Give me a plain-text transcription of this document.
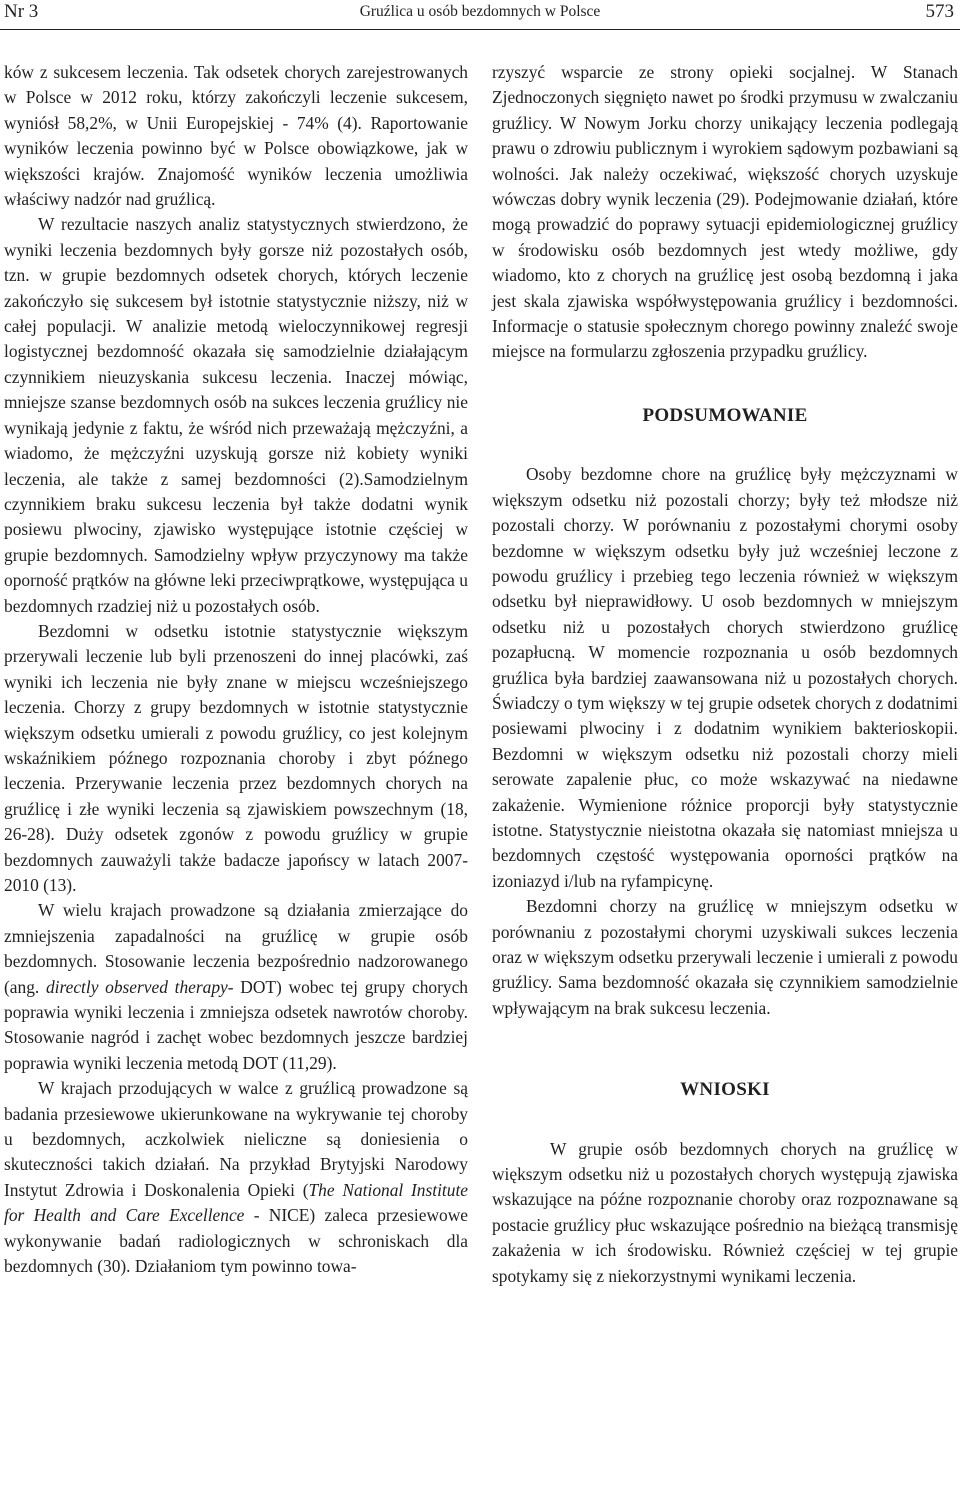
Gruźlica u osób bezdomnych w Polsce
Nr 3	573

ków z sukcesem leczenia. Tak odsetek chorych zarejestrowanych w Polsce w 2012 roku, którzy zakończyli leczenie sukcesem, wyniósł 58,2%, w Unii Europejskiej - 74% (4). Raportowanie wyników leczenia powinno być w Polsce obowiązkowe, jak w większości krajów. Znajomość wyników leczenia umożliwia właściwy nadzór nad gruźlicą.

W rezultacie naszych analiz statystycznych stwierdzono, że wyniki leczenia bezdomnych były gorsze niż pozostałych osób, tzn. w grupie bezdomnych odsetek chorych, których leczenie zakończyło się sukcesem był istotnie statystycznie niższy, niż w całej populacji. W analizie metodą wieloczynnikowej regresji logistycznej bezdomność okazała się samodzielnie działającym czynnikiem nieuzyskania sukcesu leczenia. Inaczej mówiąc, mniejsze szanse bezdomnych osób na sukces leczenia gruźlicy nie wynikają jedynie z faktu, że wśród nich przeważają mężczyźni, a wiadomo, że mężczyźni uzyskują gorsze niż kobiety wyniki leczenia, ale także z samej bezdomności (2).Samodzielnym czynnikiem braku sukcesu leczenia był także dodatni wynik posiewu plwociny, zjawisko występujące istotnie częściej w grupie bezdomnych. Samodzielny wpływ przyczynowy ma także oporność prątków na główne leki przeciwprątkowe, występująca u bezdomnych rzadziej niż u pozostałych osób.

Bezdomni w odsetku istotnie statystycznie większym przerywali leczenie lub byli przenoszeni do innej placówki, zaś wyniki ich leczenia nie były znane w miejscu wcześniejszego leczenia. Chorzy z grupy bezdomnych w istotnie statystycznie większym odsetku umierali z powodu gruźlicy, co jest kolejnym wskaźnikiem późnego rozpoznania choroby i zbyt późnego leczenia. Przerywanie leczenia przez bezdomnych chorych na gruźlicę i złe wyniki leczenia są zjawiskiem powszechnym (18, 26-28). Duży odsetek zgonów z powodu gruźlicy w grupie bezdomnych zauważyli także badacze japońscy w latach 2007-2010 (13).

W wielu krajach prowadzone są działania zmierzające do zmniejszenia zapadalności na gruźlicę w grupie osób bezdomnych. Stosowanie leczenia bezpośrednio nadzorowanego (ang. directly observed therapy- DOT) wobec tej grupy chorych poprawia wyniki leczenia i zmniejsza odsetek nawrotów choroby. Stosowanie nagród i zachęt wobec bezdomnych jeszcze bardziej poprawia wyniki leczenia metodą DOT (11,29).

W krajach przodujących w walce z gruźlicą prowadzone są badania przesiewowe ukierunkowane na wykrywanie tej choroby u bezdomnych, aczkolwiek nieliczne są doniesienia o skuteczności takich działań. Na przykład Brytyjski Narodowy Instytut Zdrowia i Doskonalenia Opieki (The National Institute for Health and Care Excellence - NICE) zaleca przesiewowe wykonywanie badań radiologicznych w schroniskach dla bezdomnych (30). Działaniom tym powinno towa-

rzyszyć wsparcie ze strony opieki socjalnej. W Stanach Zjednoczonych sięgnięto nawet po środki przymusu w zwalczaniu gruźlicy. W Nowym Jorku chorzy unikający leczenia podlegają prawu o zdrowiu publicznym i wyrokiem sądowym pozbawiani są wolności. Jak należy oczekiwać, większość chorych uzyskuje wówczas dobry wynik leczenia (29). Podejmowanie działań, które mogą prowadzić do poprawy sytuacji epidemiologicznej gruźlicy w środowisku osób bezdomnych jest wtedy możliwe, gdy wiadomo, kto z chorych na gruźlicę jest osobą bezdomną i jaka jest skala zjawiska współwystępowania gruźlicy i bezdomności. Informacje o statusie społecznym chorego powinny znaleźć swoje miejsce na formularzu zgłoszenia przypadku gruźlicy.

PODSUMOWANIE

Osoby bezdomne chore na gruźlicę były mężczyznami w większym odsetku niż pozostali chorzy; były też młodsze niż pozostali chorzy. W porównaniu z pozostałymi chorymi osoby bezdomne w większym odsetku były już wcześniej leczone z powodu gruźlicy i przebieg tego leczenia również w większym odsetku był nieprawidłowy. U osob bezdomnych w mniejszym odsetku niż u pozostałych chorych stwierdzono gruźlicę pozapłucną. W momencie rozpoznania u osób bezdomnych gruźlica była bardziej zaawansowana niż u pozostałych chorych. Świadczy o tym większy w tej grupie odsetek chorych z dodatnimi posiewami plwociny i z dodatnim wynikiem bakterioskopii. Bezdomni w większym odsetku niż pozostali chorzy mieli serowate zapalenie płuc, co może wskazywać na niedawne zakażenie. Wymienione różnice proporcji były statystycznie istotne. Statystycznie nieistotna okazała się natomiast mniejsza u bezdomnych częstość występowania oporności prątków na izoniazyd i/lub na ryfampicynę.

Bezdomni chorzy na gruźlicę w mniejszym odsetku w porównaniu z pozostałymi chorymi uzyskiwali sukces leczenia oraz w większym odsetku przerywali leczenie i umierali z powodu gruźlicy. Sama bezdomność okazała się czynnikiem samodzielnie wpływającym na brak sukcesu leczenia.

WNIOSKI

W grupie osób bezdomnych chorych na gruźlicę w większym odsetku niż u pozostałych chorych występują zjawiska wskazujące na późne rozpoznanie choroby oraz rozpoznawane są postacie gruźlicy płuc wskazujące pośrednio na bieżącą transmisję zakażenia w ich środowisku. Również częściej w tej grupie spotykamy się z niekorzystnymi wynikami leczenia.
